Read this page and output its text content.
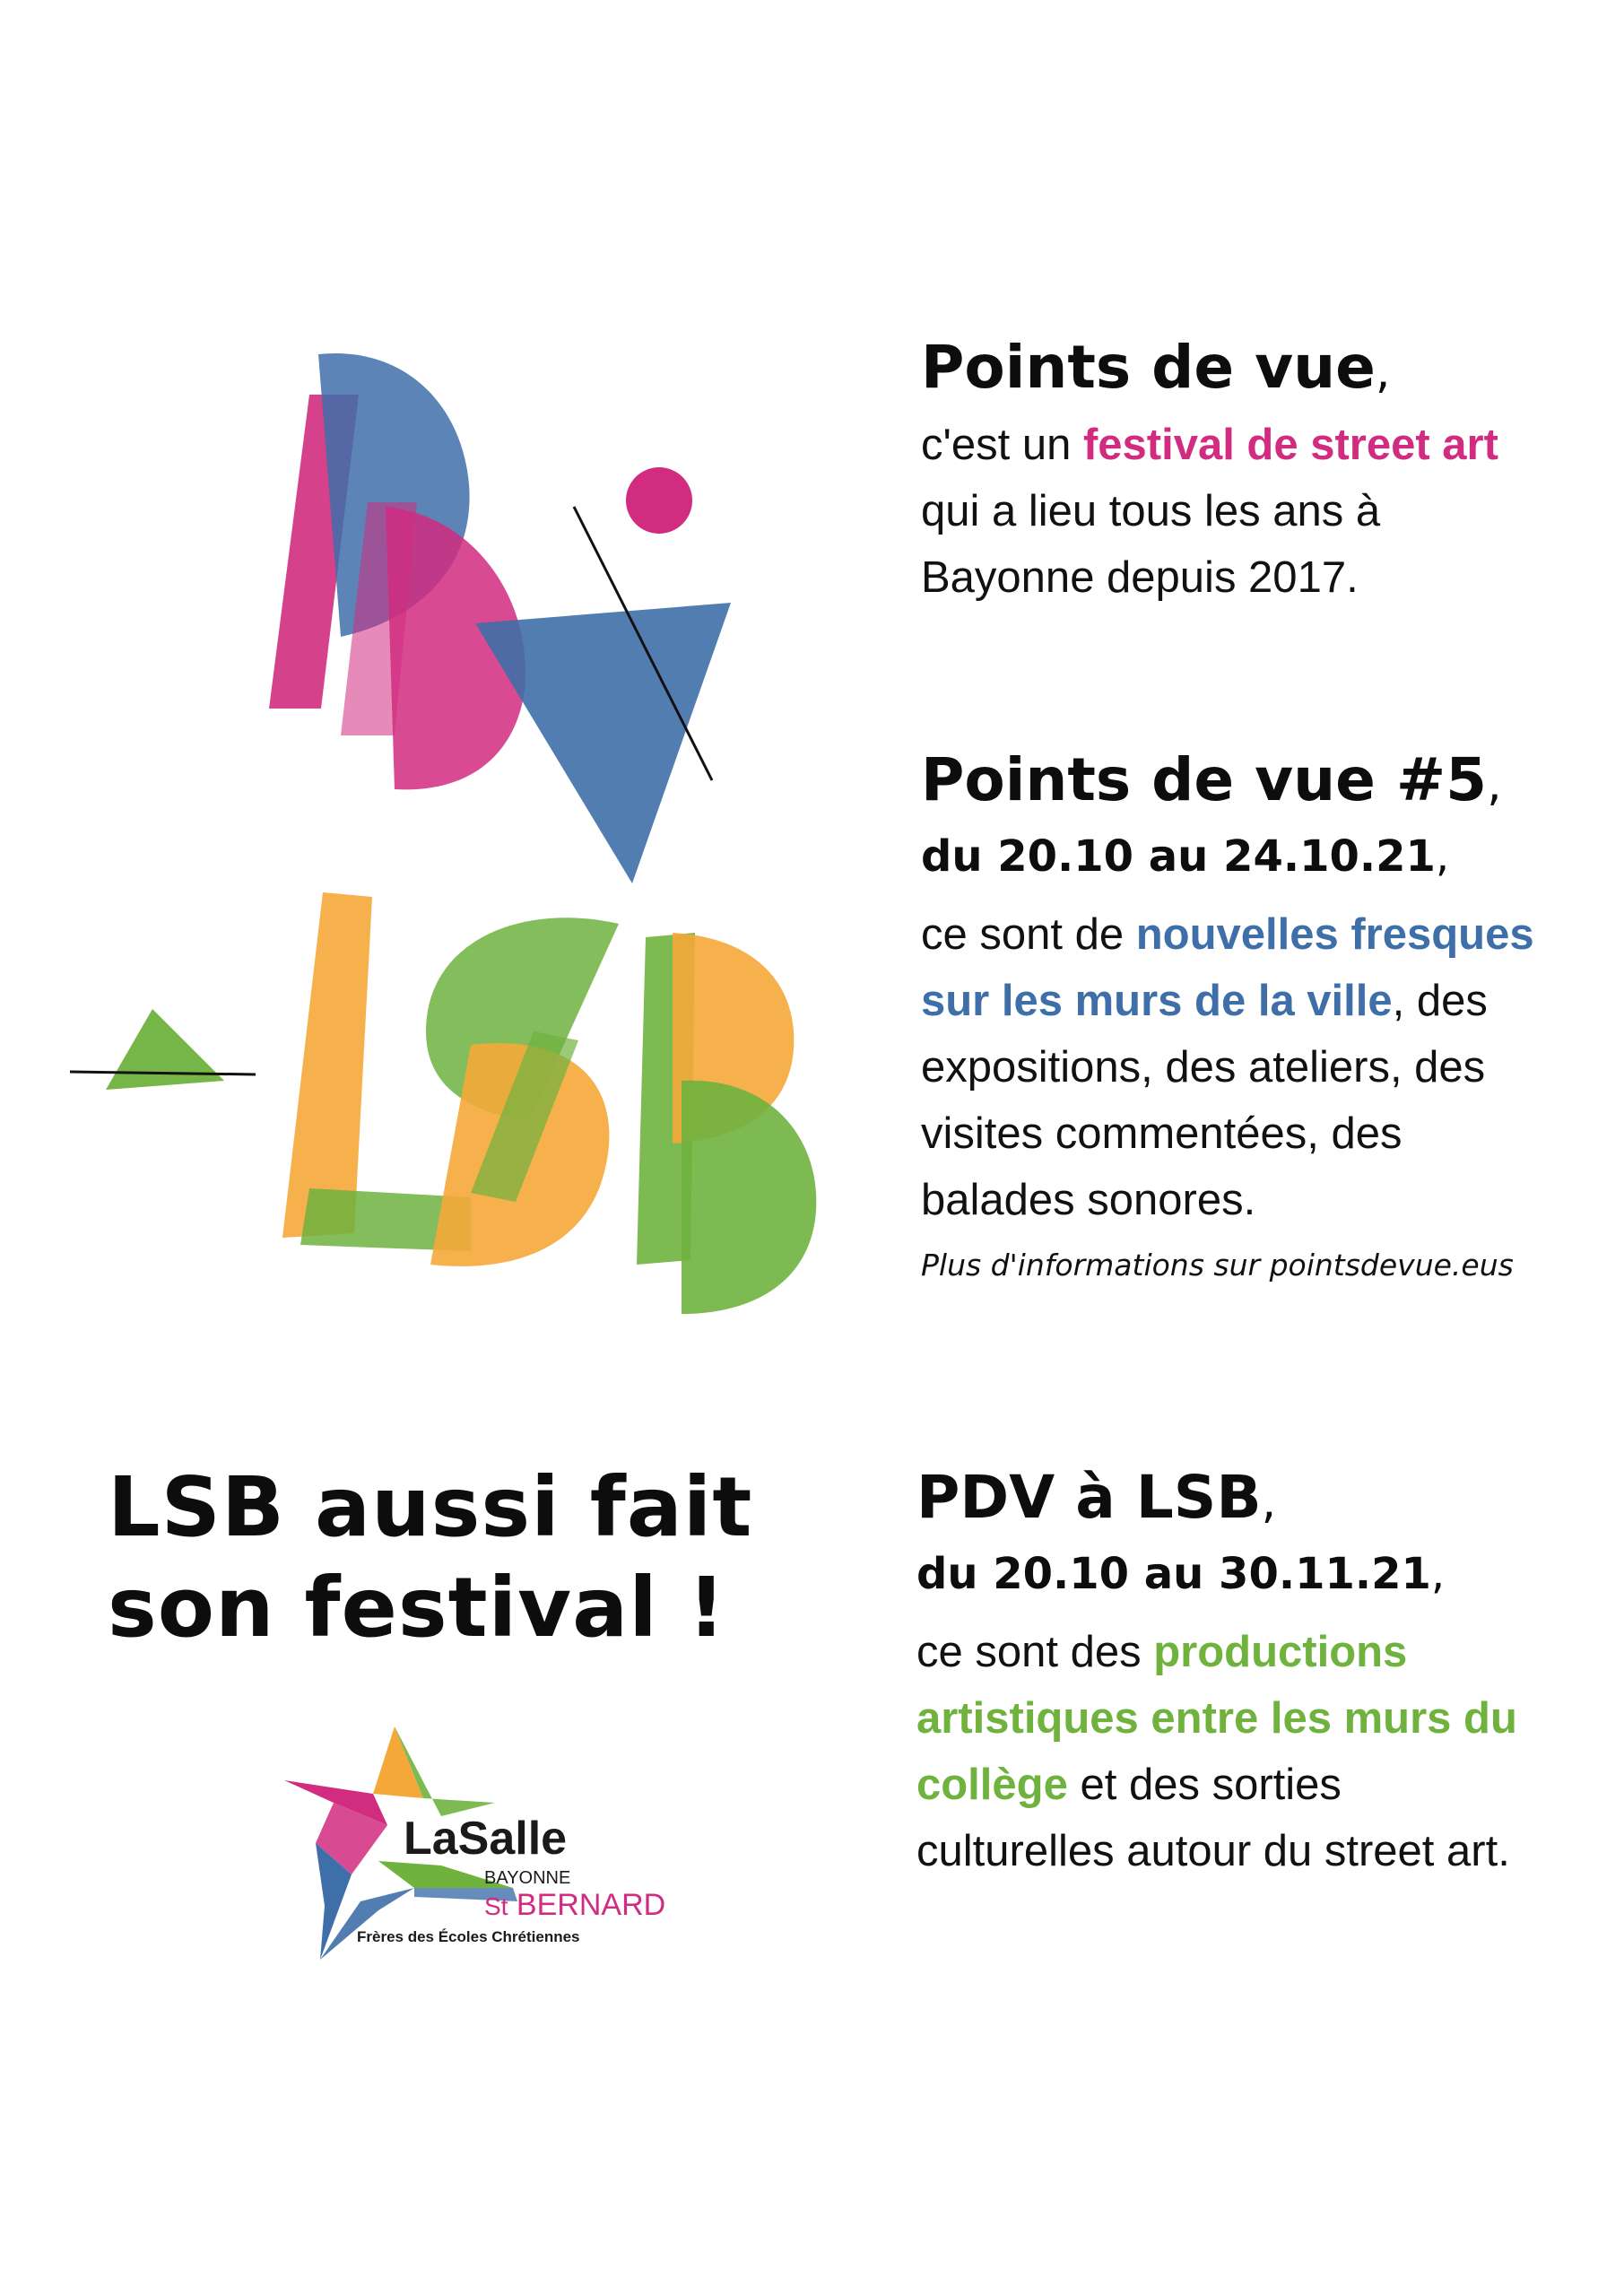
Points de vue,
c'est un festival de street art
qui a lieu tous les ans à
Bayonne depuis 2017.
Points de vue #5,
du 20.10 au 24.10.21,
ce sont de nouvelles fresques sur les murs de la ville, des expositions, des ateliers, des visites commentées, des balades sonores.
Plus d'informations sur pointsdevue.eus
LSB aussi fait
son festival !
PDV à LSB,
du 20.10 au 30.11.21,
ce sont des productions artistiques entre les murs du collège et des sorties culturelles autour du street art.
LaSalle
BAYONNE
St BERNARD
Frères des Écoles Chrétiennes
